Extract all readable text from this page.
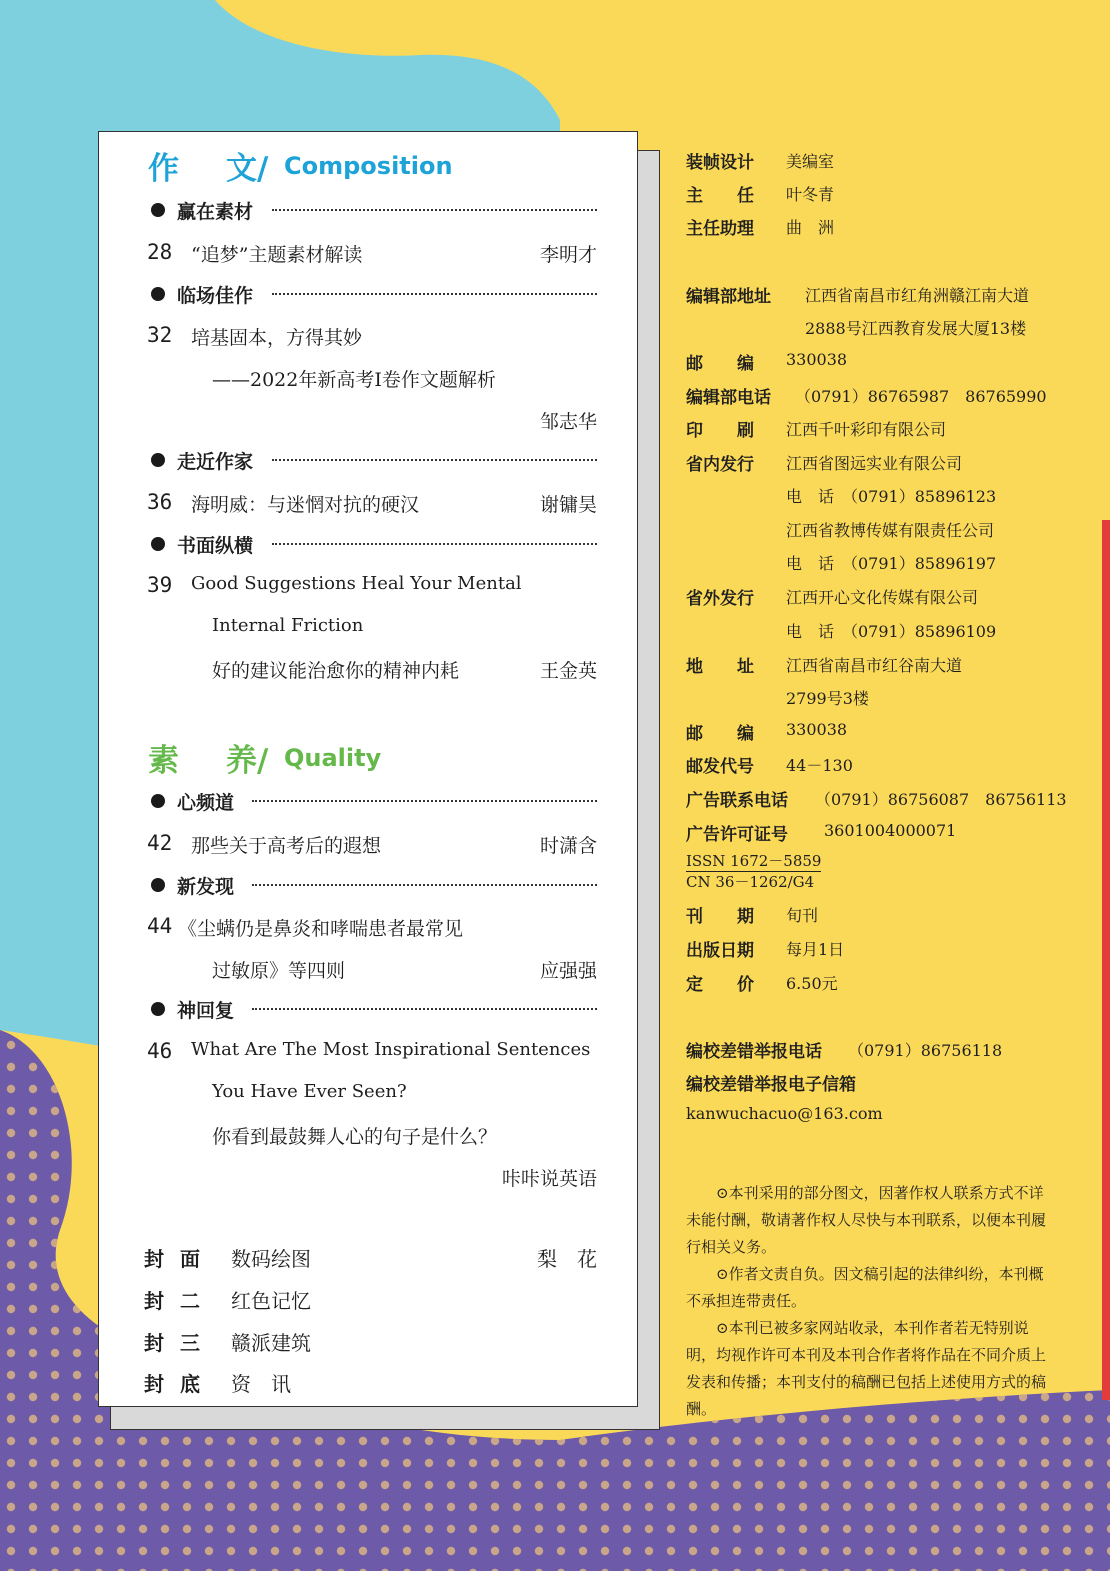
作 文/ Composition
赢在素材
28 “追梦”主题素材解读	李明才
临场佳作
32 培基固本，方得其妙
——2022年新高考Ⅰ卷作文题解析
邹志华
走近作家
36 海明威：与迷惘对抗的硬汉	谢镛昊
书面纵横
39 Good Suggestions Heal Your Mental
Internal Friction
好的建议能治愈你的精神内耗	王金英
素 养/ Quality
心频道
42 那些关于高考后的遐想	时潇含
新发现
44 《尘螨仍是鼻炎和哮喘患者最常见
过敏原》等四则	应强强
神回复
46 What Are The Most Inspirational Sentences
You Have Ever Seen?
你看到最鼓舞人心的句子是什么？
咔咔说英语
封面 数码绘图	梨　花
封二 红色记忆
封三 赣派建筑
封底 资　讯
装帧设计 美编室
主　　任 叶冬青
主任助理 曲　洲
编辑部地址 江西省南昌市红角洲赣江南大道
2888号江西教育发展大厦13楼
邮　　编 330038
编辑部电话 （0791）86765987　86765990
印　　刷 江西千叶彩印有限公司
省内发行 江西省图远实业有限公司
电　话　（0791）85896123
江西省教博传媒有限责任公司
电　话　（0791）85896197
省外发行 江西开心文化传媒有限公司
电　话　（0791）85896109
地　　址 江西省南昌市红谷南大道
2799号3楼
邮　　编 330038
邮发代号 44－130
广告联系电话 （0791）86756087　86756113
广告许可证号 3601004000071
ISSN 1672－5859
CN 36－1262/G4
刊　　期 旬刊
出版日期 每月1日
定　　价 6.50元
编校差错举报电话 （0791）86756118
编校差错举报电子信箱
kanwuchacuo@163.com

⊙本刊采用的部分图文，因著作权人联系方式不详未能付酬，敬请著作权人尽快与本刊联系，以便本刊履行相关义务。

⊙作者文责自负。因文稿引起的法律纠纷，本刊概不承担连带责任。

⊙本刊已被多家网站收录，本刊作者若无特别说明，均视作许可本刊及本刊合作者将作品在不同介质上发表和传播；本刊支付的稿酬已包括上述使用方式的稿酬。
